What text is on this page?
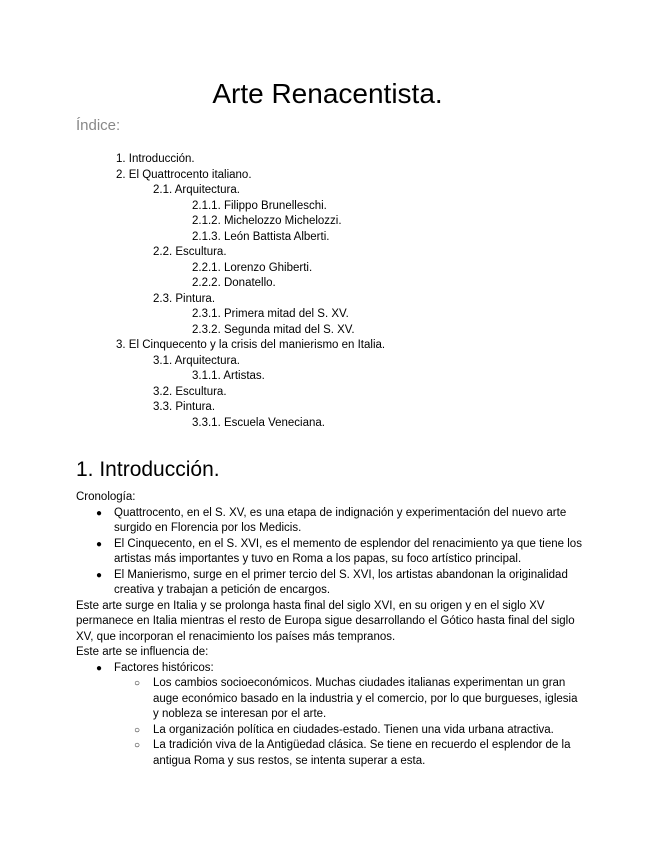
Arte Renacentista.

Índice:

1. Introducción.
2. El Quattrocento italiano.
2.1. Arquitectura.
2.1.1. Filippo Brunelleschi.
2.1.2. Michelozzo Michelozzi.
2.1.3. León Battista Alberti.
2.2. Escultura.
2.2.1. Lorenzo Ghiberti.
2.2.2. Donatello.
2.3. Pintura.
2.3.1. Primera mitad del S. XV.
2.3.2. Segunda mitad del S. XV.
3. El Cinquecento y la crisis del manierismo en Italia.
3.1. Arquitectura.
3.1.1. Artistas.
3.2. Escultura.
3.3. Pintura.
3.3.1. Escuela Veneciana.
1. Introducción.

Cronología:

● Quattrocento, en el S. XV, es una etapa de indignación y experimentación del nuevo arte surgido en Florencia por los Medicis.
● El Cinquecento, en el S. XVI, es el memento de esplendor del renacimiento ya que tiene los artistas más importantes y tuvo en Roma a los papas, su foco artístico principal.
● El Manierismo, surge en el primer tercio del S. XVI, los artistas abandonan la originalidad creativa y trabajan a petición de encargos.

Este arte surge en Italia y se prolonga hasta final del siglo XVI, en su origen y en el siglo XV permanece en Italia mientras el resto de Europa sigue desarrollando el Gótico hasta final del siglo XV, que incorporan el renacimiento los países más tempranos.

Este arte se influencia de:

● Factores históricos:
○ Los cambios socioeconómicos. Muchas ciudades italianas experimentan un gran auge económico basado en la industria y el comercio, por lo que burgueses, iglesia y nobleza se interesan por el arte.
○ La organización política en ciudades-estado. Tienen una vida urbana atractiva.
○ La tradición viva de la Antigüedad clásica. Se tiene en recuerdo el esplendor de la antigua Roma y sus restos, se intenta superar a esta.
